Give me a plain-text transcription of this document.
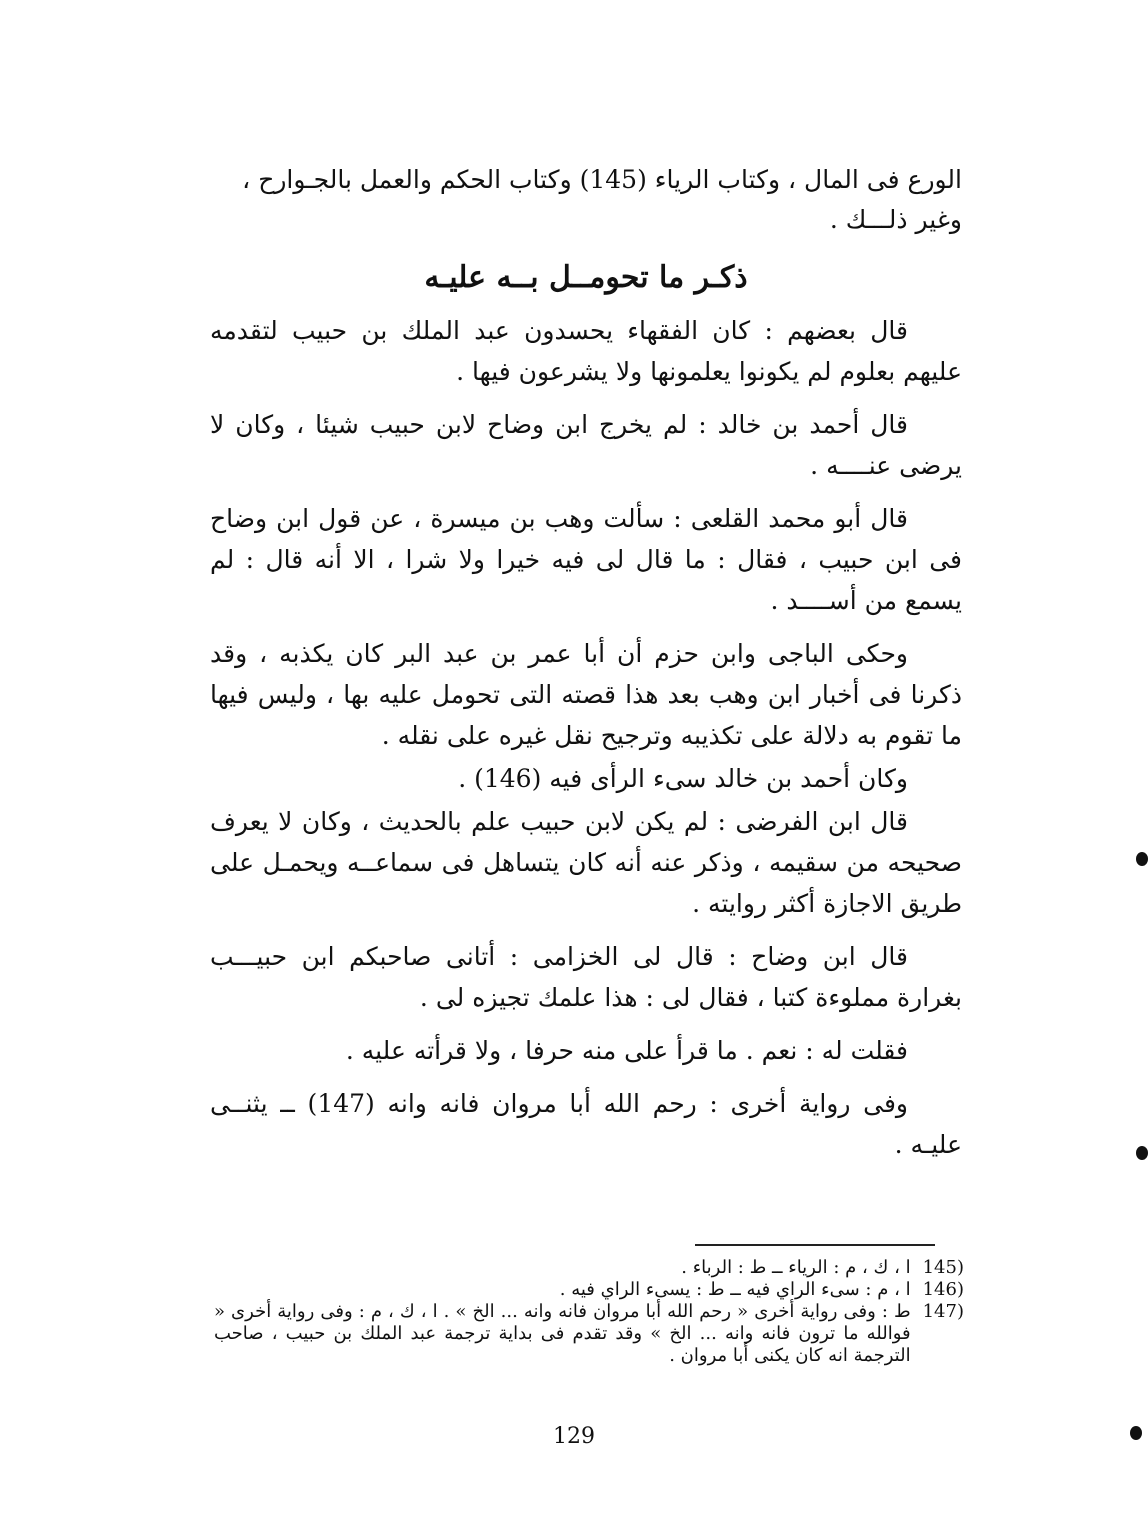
الورع فى المال ، وكتاب الرياء (145) وكتاب الحكم والعمل بالجـوارح ،
وغير ذلـــك .
ذكـر ما تحومــل بــه عليـه

قال بعضهم : كان الفقهاء يحسدون عبد الملك بن حبيب لتقدمه عليهم بعلوم لم يكونوا يعلمونها ولا يشرعون فيها .

قال أحمد بن خالد : لم يخرج ابن وضاح لابن حبيب شيئا ، وكان لا يرضى عنــــه .

قال أبو محمد القلعى : سألت وهب بن ميسرة ، عن قول ابن وضاح فى ابن حبيب ، فقال : ما قال لى فيه خيرا ولا شرا ، الا أنه قال : لم يسمع من أســــد .

وحكى الباجى وابن حزم أن أبا عمر بن عبد البر كان يكذبه ، وقد ذكرنا فى أخبار ابن وهب بعد هذا قصته التى تحومل عليه بها ، وليس فيها ما تقوم به دلالة على تكذيبه وترجيح نقل غيره على نقله .

وكان أحمد بن خالد سىء الرأى فيه (146) .

قال ابن الفرضى : لم يكن لابن حبيب علم بالحديث ، وكان لا يعرف صحيحه من سقيمه ، وذكر عنه أنه كان يتساهل فى سماعــه ويحمـل على طريق الاجازة أكثر روايته .

قال ابن وضاح : قال لى الخزامى : أتانى صاحبكم ابن حبيـــب بغرارة مملوءة كتبا ، فقال لى : هذا علمك تجيزه لى .

فقلت له : نعم . ما قرأ على منه حرفا ، ولا قرأته عليه .

وفى رواية أخرى : رحم الله أبا مروان فانه وانه (147) ــ يثنــى عليـه .

145)
ا ، ك ، م : الرياء ــ ط : الرباء .
146)
ا ، م : سىء الراي فيه ــ ط : يسىء الراي فيه .
147)
ط : وفى رواية أخرى « رحم الله أبا مروان فانه وانه ... الخ » . ا ، ك ، م : وفى رواية أخرى « فوالله ما ترون فانه وانه ... الخ » وقد تقدم فى بداية ترجمة عبد الملك بن حبيب ، صاحب الترجمة انه كان يكنى أبا مروان .
129
